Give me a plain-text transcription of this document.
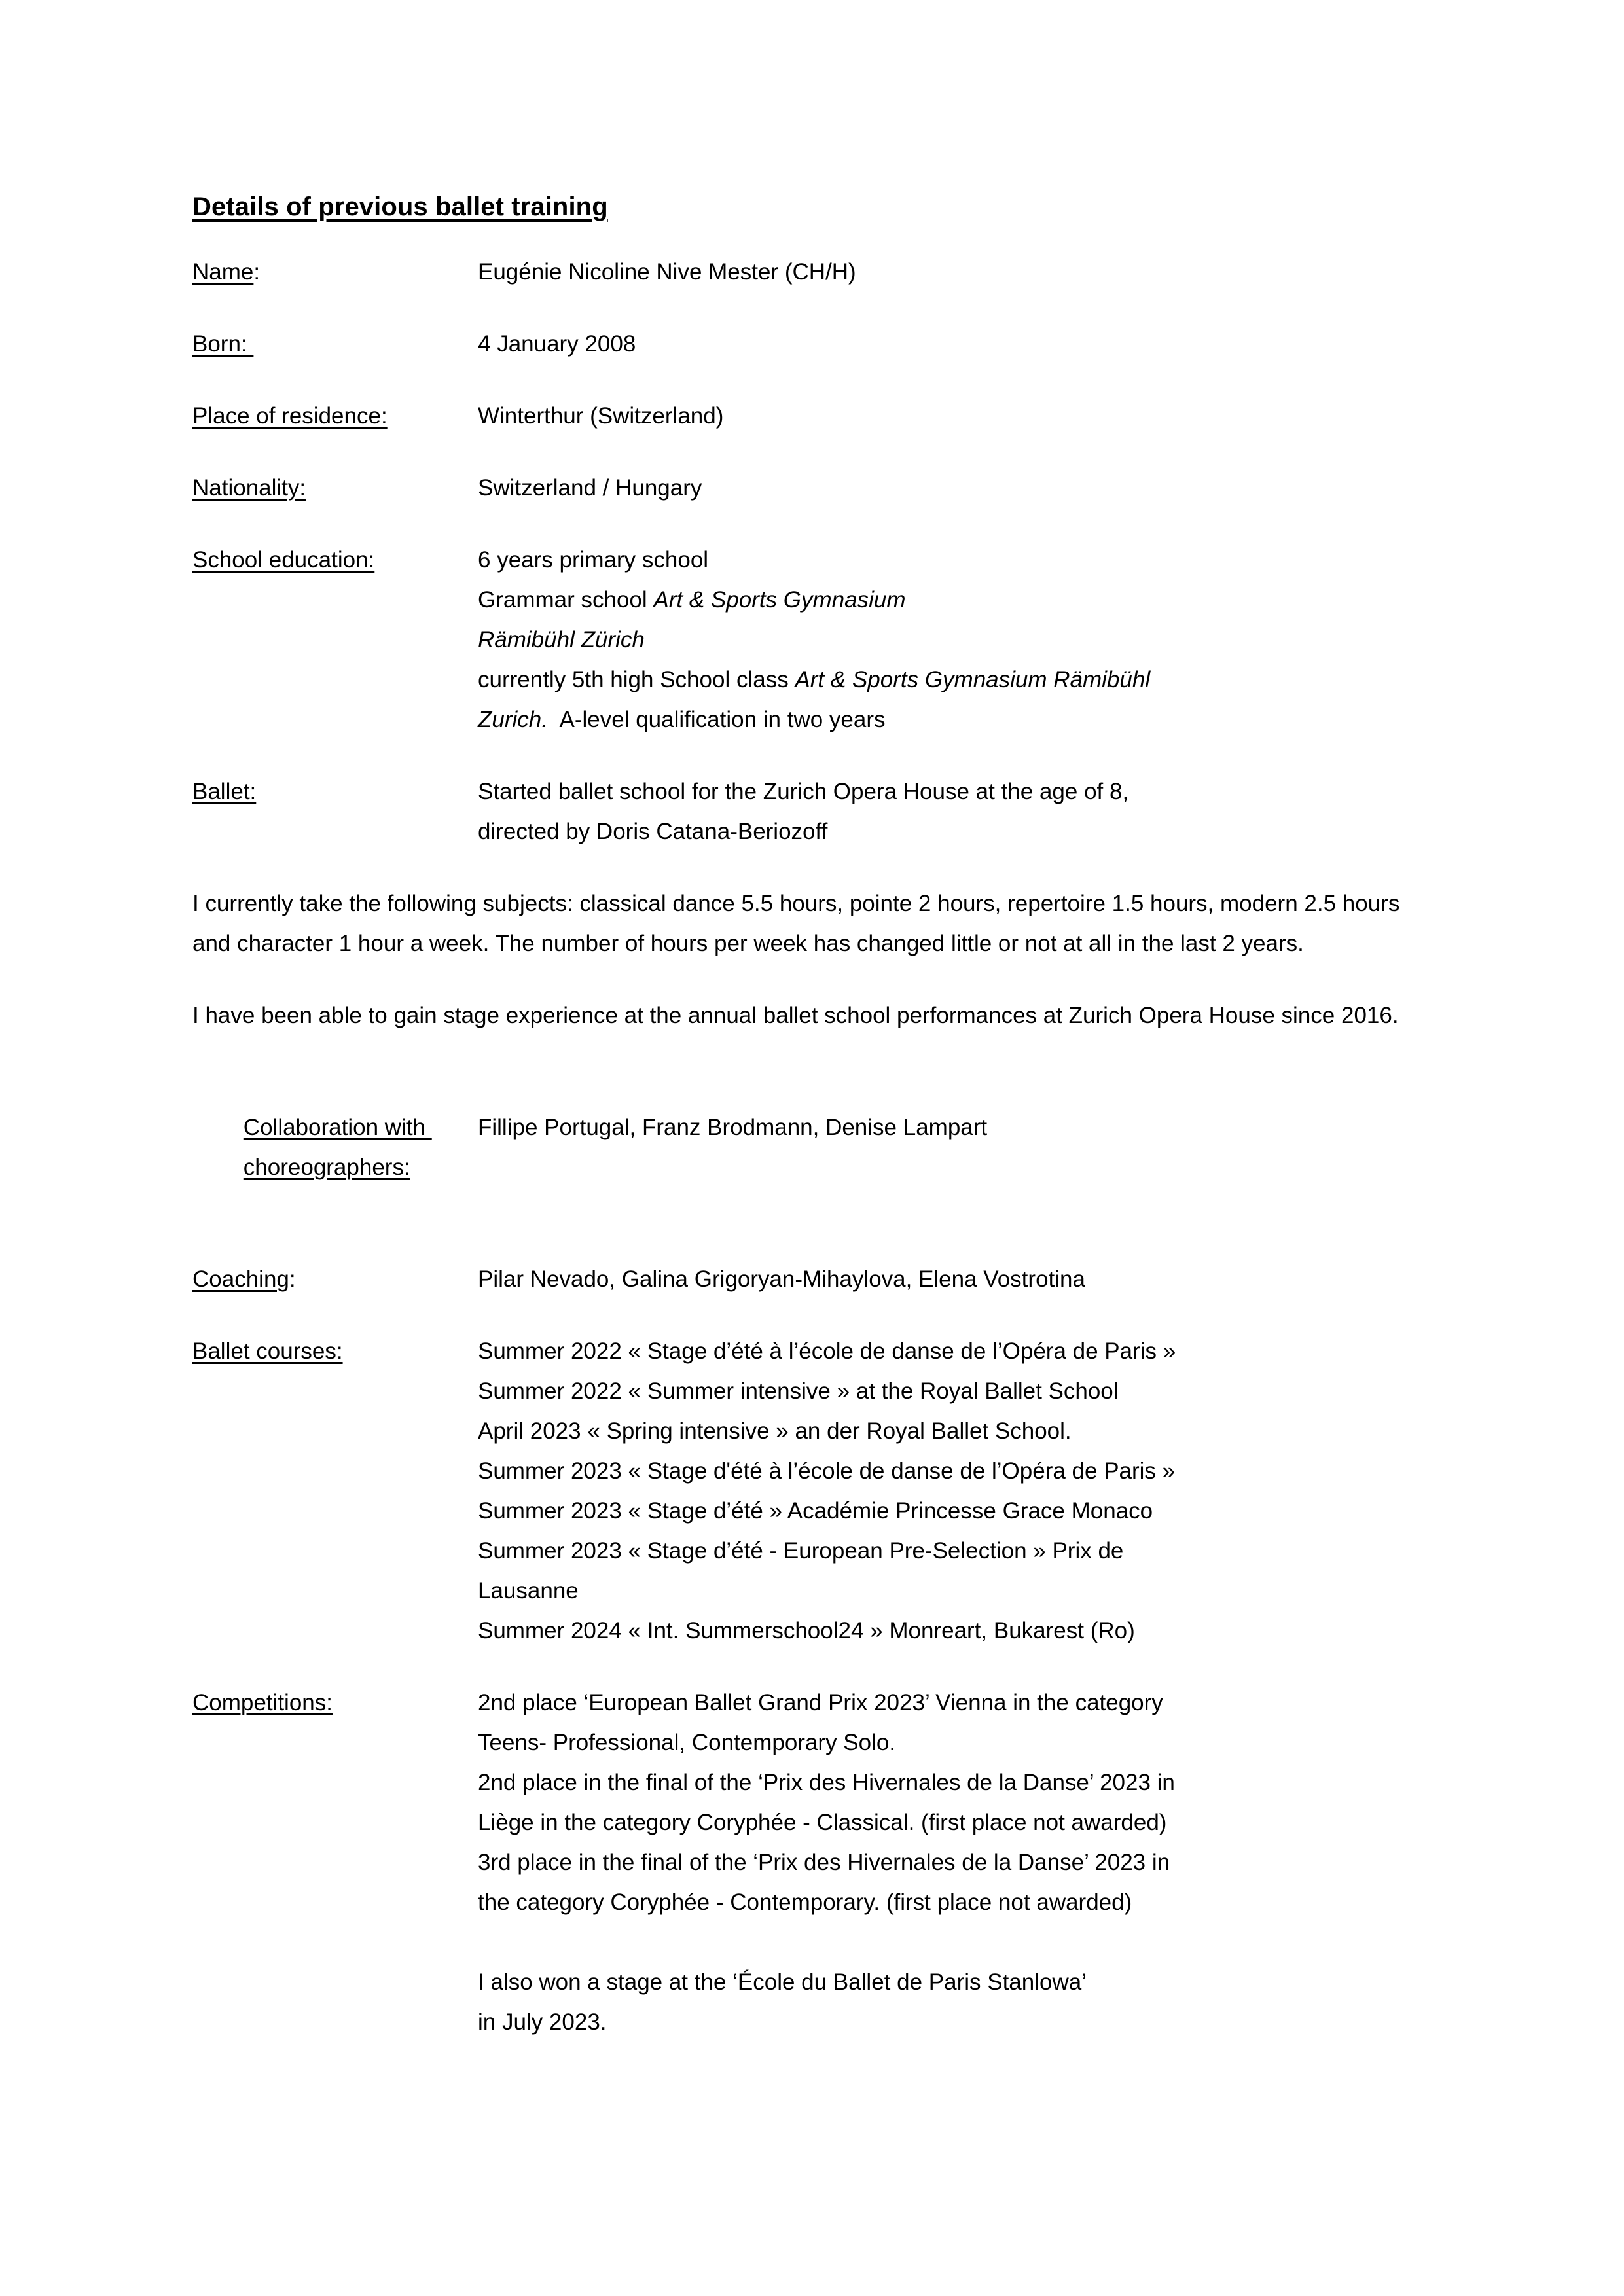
Details of previous ballet training
Name:	Eugénie Nicoline Nive Mester (CH/H)
Born:	4 January 2008
Place of residence:	Winterthur (Switzerland)
Nationality:	Switzerland / Hungary
School education:	6 years primary school
Grammar school Art & Sports Gymnasium
Rämibühl Zürich
currently 5th high School class Art & Sports Gymnasium Rämibühl
Zurich.  A-level qualification in two years
Ballet:	Started ballet school for the Zurich Opera House at the age of 8,
directed by Doris Catana-Beriozoff

I currently take the following subjects: classical dance 5.5 hours, pointe 2 hours, repertoire 1.5 hours, modern 2.5 hours and character 1 hour a week. The number of hours per week has changed little or not at all in the last 2 years.

I have been able to gain stage experience at the annual ballet school performances at Zurich Opera House since 2016.

Collaboration with
choreographers:

Fillipe Portugal, Franz Brodmann, Denise Lampart
Coaching:	Pilar Nevado, Galina Grigoryan-Mihaylova, Elena Vostrotina
Ballet courses:	Summer 2022 « Stage d’été à l’école de danse de l’Opéra de Paris »
Summer 2022 « Summer intensive » at the Royal Ballet School
April 2023 « Spring intensive » an der Royal Ballet School.
Summer 2023 « Stage d'été à l’école de danse de l’Opéra de Paris »
Summer 2023 « Stage d’été » Académie Princesse Grace Monaco
Summer 2023 « Stage d’été - European Pre-Selection » Prix de
Lausanne
Summer 2024 « Int. Summerschool24 » Monreart, Bukarest (Ro)
Competitions:	2nd place ‘European Ballet Grand Prix 2023’ Vienna in the category
Teens- Professional, Contemporary Solo.
2nd place in the final of the ‘Prix des Hivernales de la Danse’ 2023 in
Liège in the category Coryphée - Classical. (first place not awarded)
3rd place in the final of the ‘Prix des Hivernales de la Danse’ 2023 in
the category Coryphée - Contemporary. (first place not awarded)

I also won a stage at the ‘École du Ballet de Paris Stanlowa’
in July 2023.
